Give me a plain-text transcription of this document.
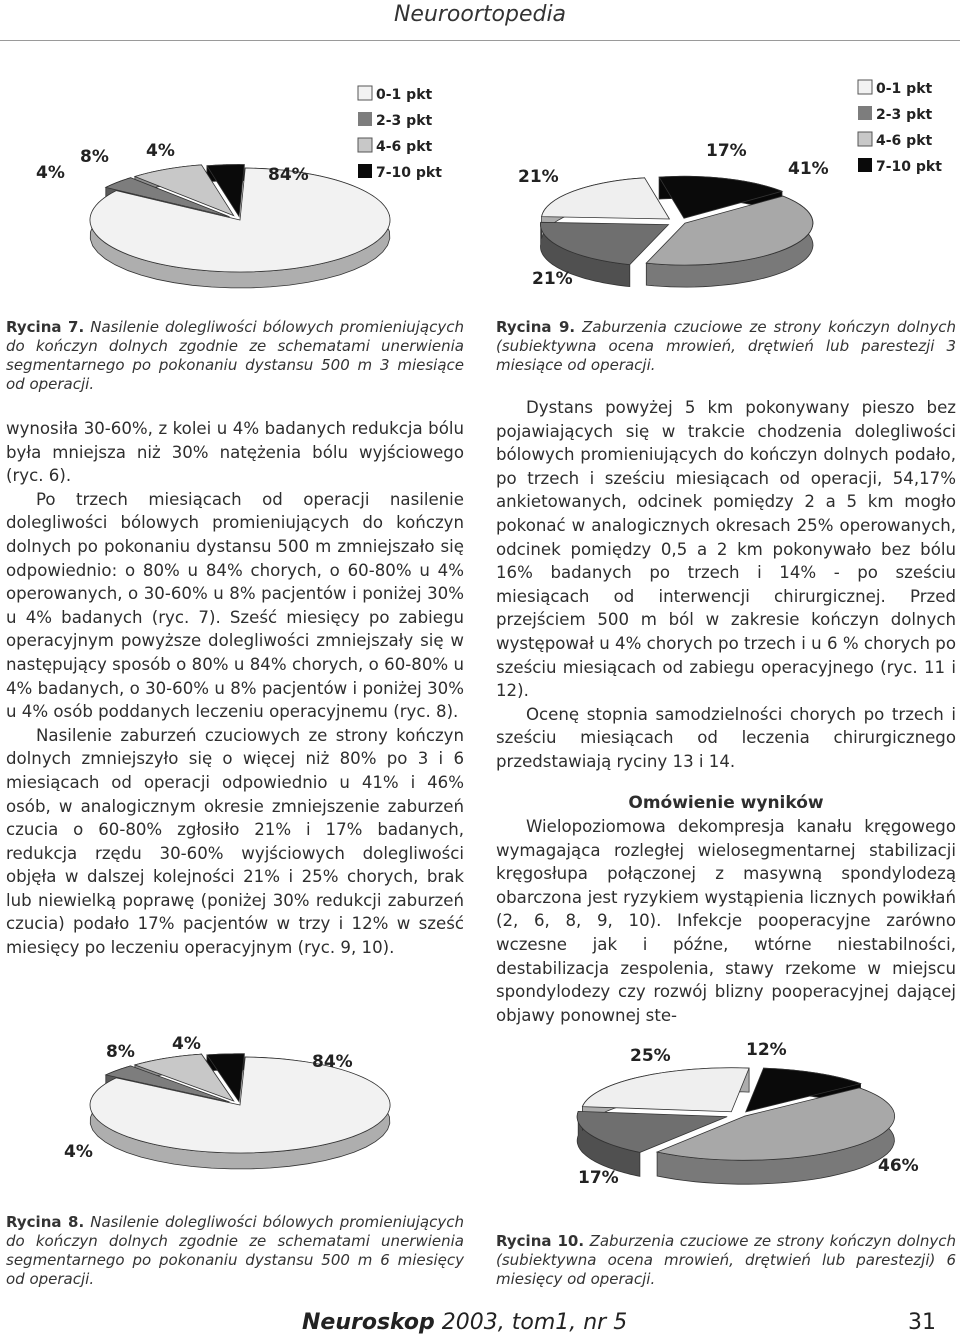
Neuroortopedia
0-1 pkt
2-3 pkt
4-6 pkt
7-10 pkt
84%
4%
8% 4%
0-1 pkt
2-3 pkt
4-6 pkt
7-10 pkt
41%
21%
21%
17%
Rycina 7. Nasilenie dolegliwości bólowych promieniujących do kończyn dolnych zgodnie ze schematami unerwienia segmentarnego po pokonaniu dystansu 500 m 3 miesiące od operacji.
Rycina 9. Zaburzenia czuciowe ze strony kończyn dolnych (subiektywna ocena mrowień, drętwień lub parestezji 3 miesiące od operacji.

wynosiła 30-60%, z kolei u 4% badanych redukcja bólu była mniejsza niż 30% natężenia bólu wyjściowego (ryc. 6).

Po trzech miesiącach od operacji nasilenie dolegliwości bólowych promieniujących do kończyn dolnych po pokonaniu dystansu 500 m zmniejszało się odpowiednio: o 80% u 84% chorych, o 60-80% u 4% operowanych, o 30-60% u 8% pacjentów i poniżej 30% u 4% badanych (ryc. 7). Sześć miesięcy po zabiegu operacyjnym powyższe dolegliwości zmniejszały się w następujący sposób o 80% u 84% chorych, o 60-80% u 4% badanych, o 30-60% u 8% pacjentów i poniżej 30% u 4% osób poddanych leczeniu operacyjnemu (ryc. 8).

Nasilenie zaburzeń czuciowych ze strony kończyn dolnych zmniejszyło się o więcej niż 80% po 3 i 6 miesiącach od operacji odpowiednio u 41% i 46% osób, w analogicznym okresie zmniejszenie zaburzeń czucia o 60-80% zgłosiło 21% i 17% badanych, redukcja rzędu 30-60% wyjściowych dolegliwości objęła w dalszej kolejności 21% i 25% chorych, brak lub niewielką poprawę (poniżej 30% redukcji zaburzeń czucia) podało 17% pacjentów w trzy i 12% w sześć miesięcy po leczeniu operacyjnym (ryc. 9, 10).

Dystans powyżej 5 km pokonywany pieszo bez pojawiających się w trakcie chodzenia dolegliwości bólowych promieniujących do kończyn dolnych podało, po trzech i sześciu miesiącach od operacji, 54,17% ankietowanych, odcinek pomiędzy 2 a 5 km mogło pokonać w analogicznych okresach 25% operowanych, odcinek pomiędzy 0,5 a 2 km pokonywało bez bólu 16% badanych po trzech i 14% - po sześciu miesiącach od interwencji chirurgicznej. Przed przejściem 500 m ból w zakresie kończyn dolnych występował u 4% chorych po trzech i u 6 % chorych po sześciu miesiącach od zabiegu operacyjnego (ryc. 11 i 12).

Ocenę stopnia samodzielności chorych po trzech i sześciu miesiącach od leczenia chirurgicznego przedstawiają ryciny 13 i 14.

Omówienie wyników

Wielopoziomowa dekompresja kanału kręgowego wymagająca rozległej wielosegmentarnej stabilizacji kręgosłupa połączonej z masywną spondylodezą obarczona jest ryzykiem wystąpienia licznych powikłań (2, 6, 8, 9, 10). Infekcje pooperacyjne zarówno wczesne jak i późne, wtórne niestabilności, destabilizacja zespolenia, stawy rzekome w miejscu spondylodezy czy rozwój blizny pooperacyjnej dającej objawy ponownej ste-

84%
4%
8% 4%
46%
17%
25%	12%
Rycina 8. Nasilenie dolegliwości bólowych promieniujących do kończyn dolnych zgodnie ze schematami unerwienia segmentarnego po pokonaniu dystansu 500 m 6 miesięcy od operacji.
Rycina 10. Zaburzenia czuciowe ze strony kończyn dolnych (subiektywna ocena mrowień, drętwień lub parestezji) 6 miesięcy od operacji.
Neuroskop 2003, tom1, nr 5	31
